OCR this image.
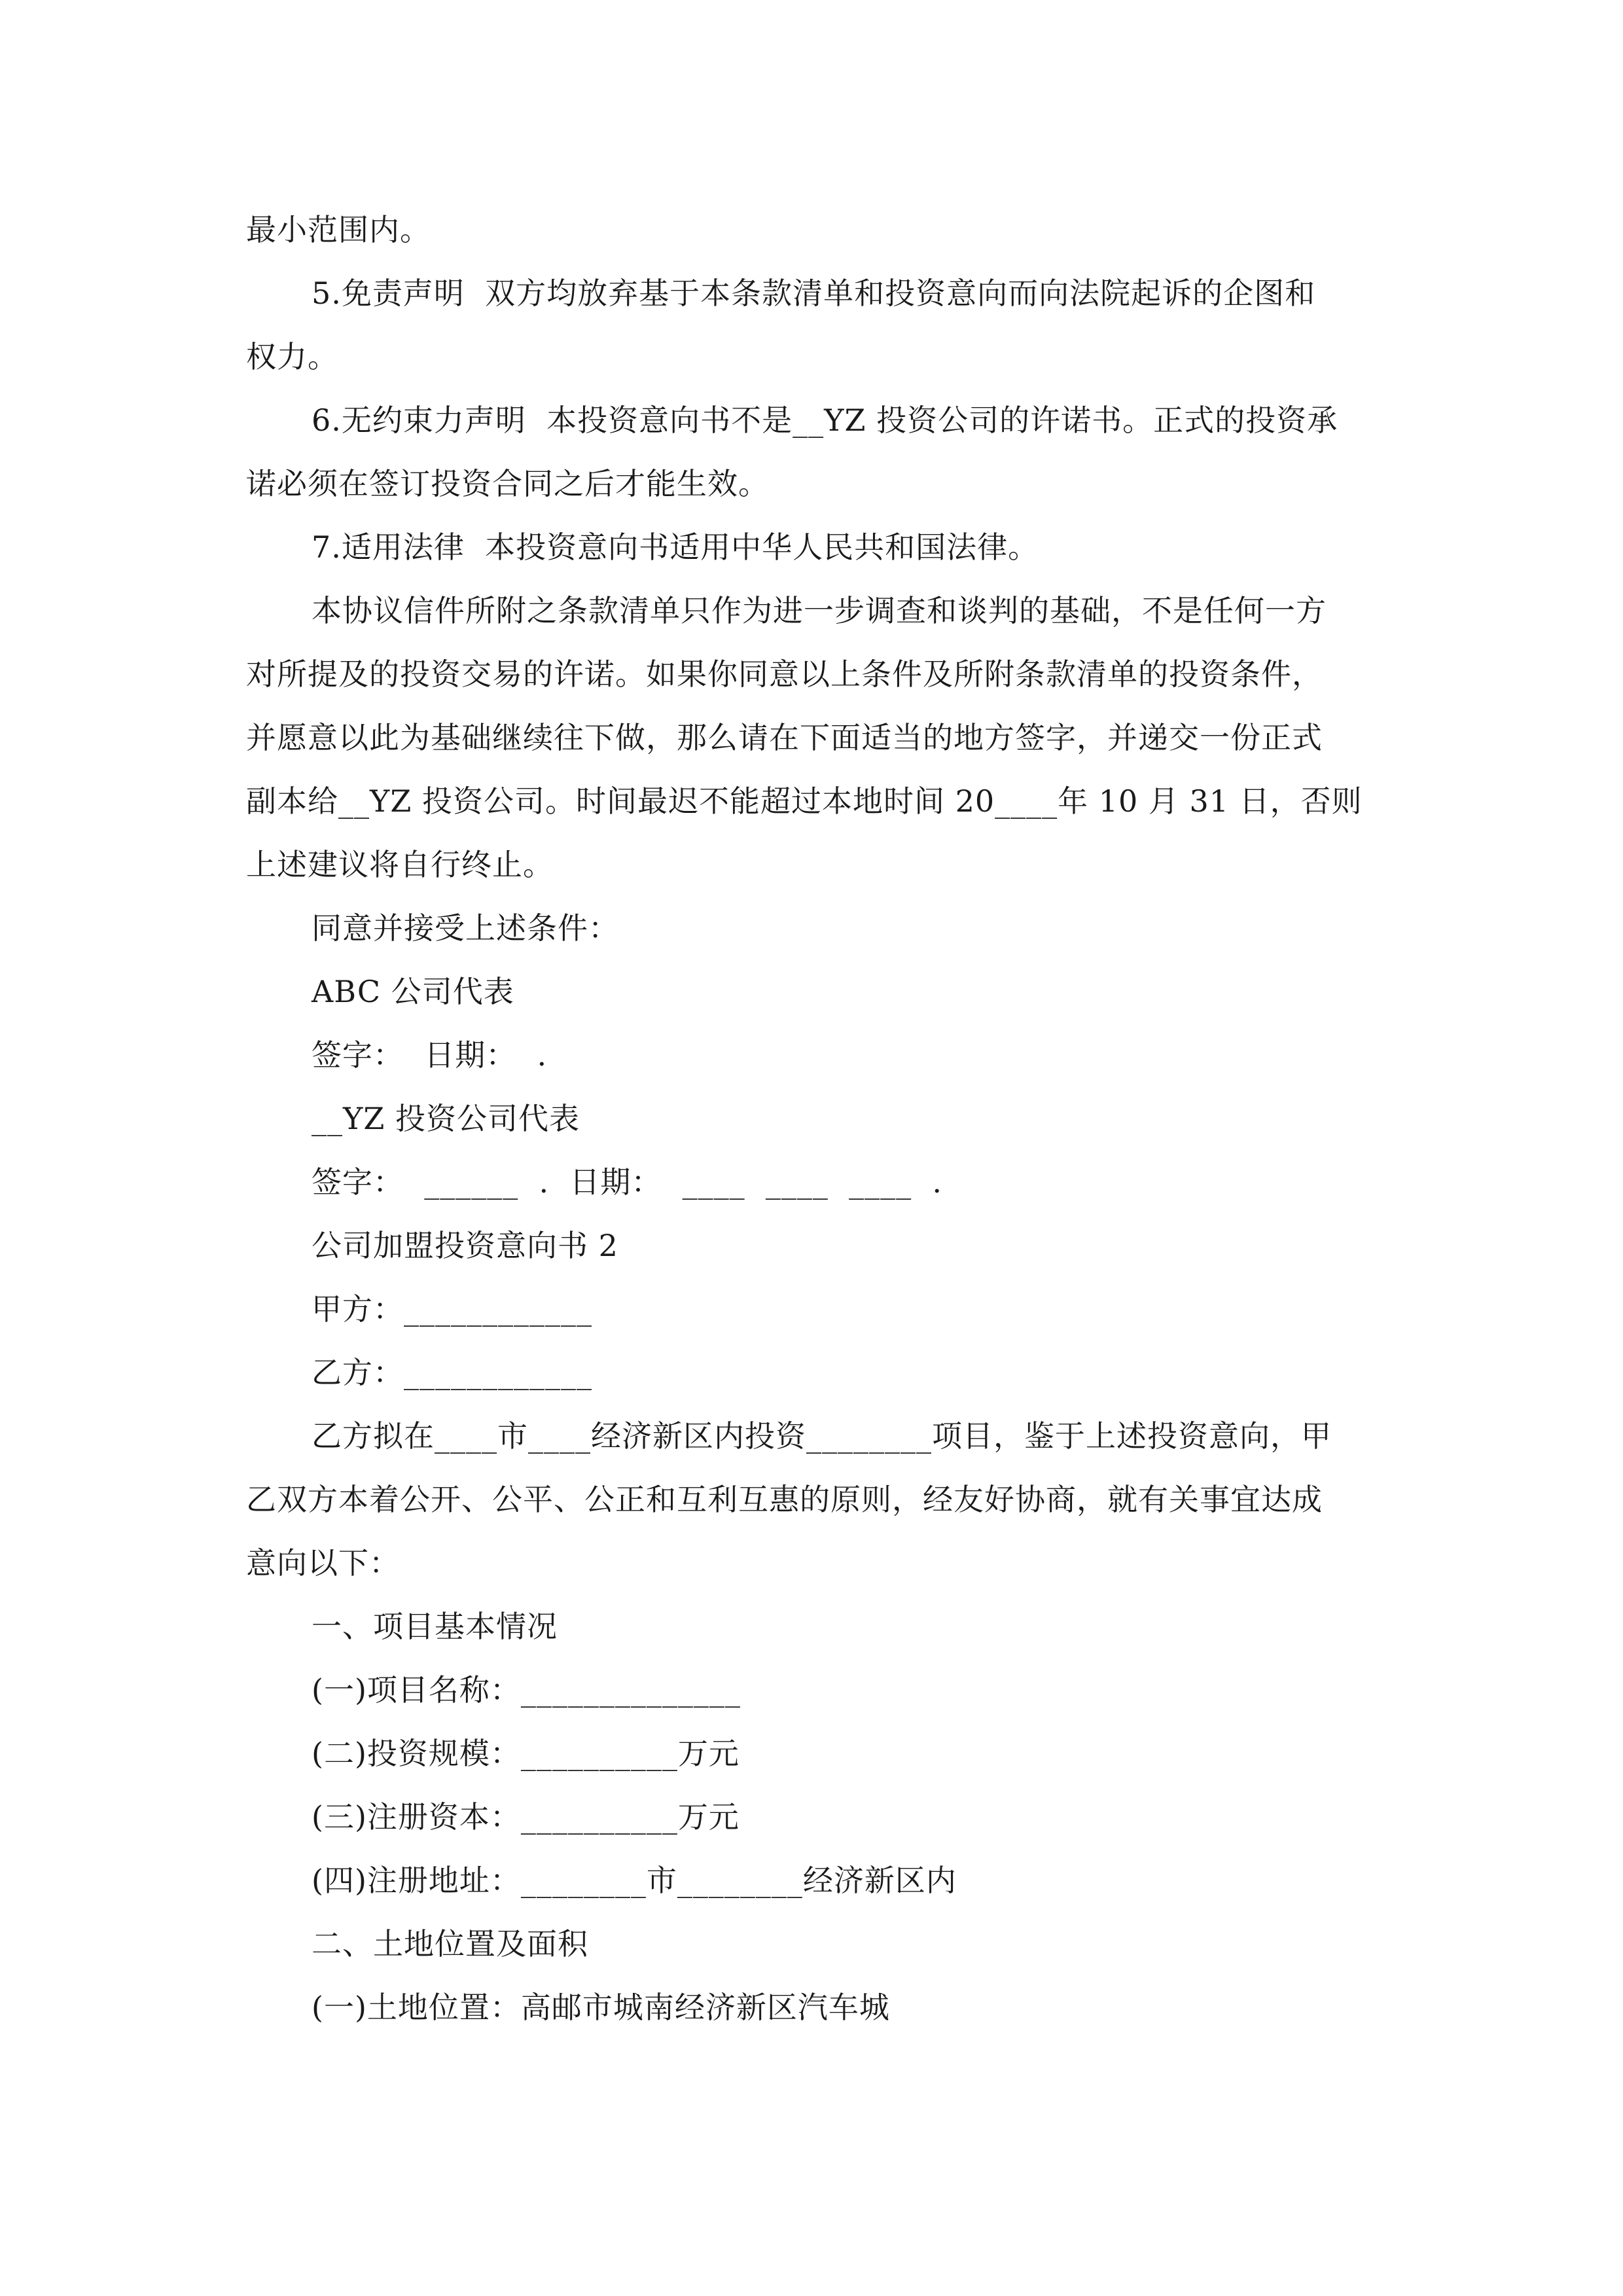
最小范围内。
5.免责声明  双方均放弃基于本条款清单和投资意向而向法院起诉的企图和
权力。
6.无约束力声明  本投资意向书不是__YZ 投资公司的许诺书。正式的投资承
诺必须在签订投资合同之后才能生效。
7.适用法律  本投资意向书适用中华人民共和国法律。
本协议信件所附之条款清单只作为进一步调查和谈判的基础，不是任何一方
对所提及的投资交易的许诺。如果你同意以上条件及所附条款清单的投资条件，
并愿意以此为基础继续往下做，那么请在下面适当的地方签字，并递交一份正式
副本给__YZ 投资公司。时间最迟不能超过本地时间 20____年 10 月 31 日，否则
上述建议将自行终止。
同意并接受上述条件：
ABC 公司代表
签字：  日期：  .
__YZ 投资公司代表
签字：  ______  .  日期：  ____  ____  ____  .
公司加盟投资意向书 2
甲方：____________
乙方：____________
乙方拟在____市____经济新区内投资________项目，鉴于上述投资意向，甲
乙双方本着公开、公平、公正和互利互惠的原则，经友好协商，就有关事宜达成
意向以下：
一、项目基本情况
(一)项目名称：______________
(二)投资规模：__________万元
(三)注册资本：__________万元
(四)注册地址：________市________经济新区内
二、土地位置及面积
(一)土地位置：高邮市城南经济新区汽车城
